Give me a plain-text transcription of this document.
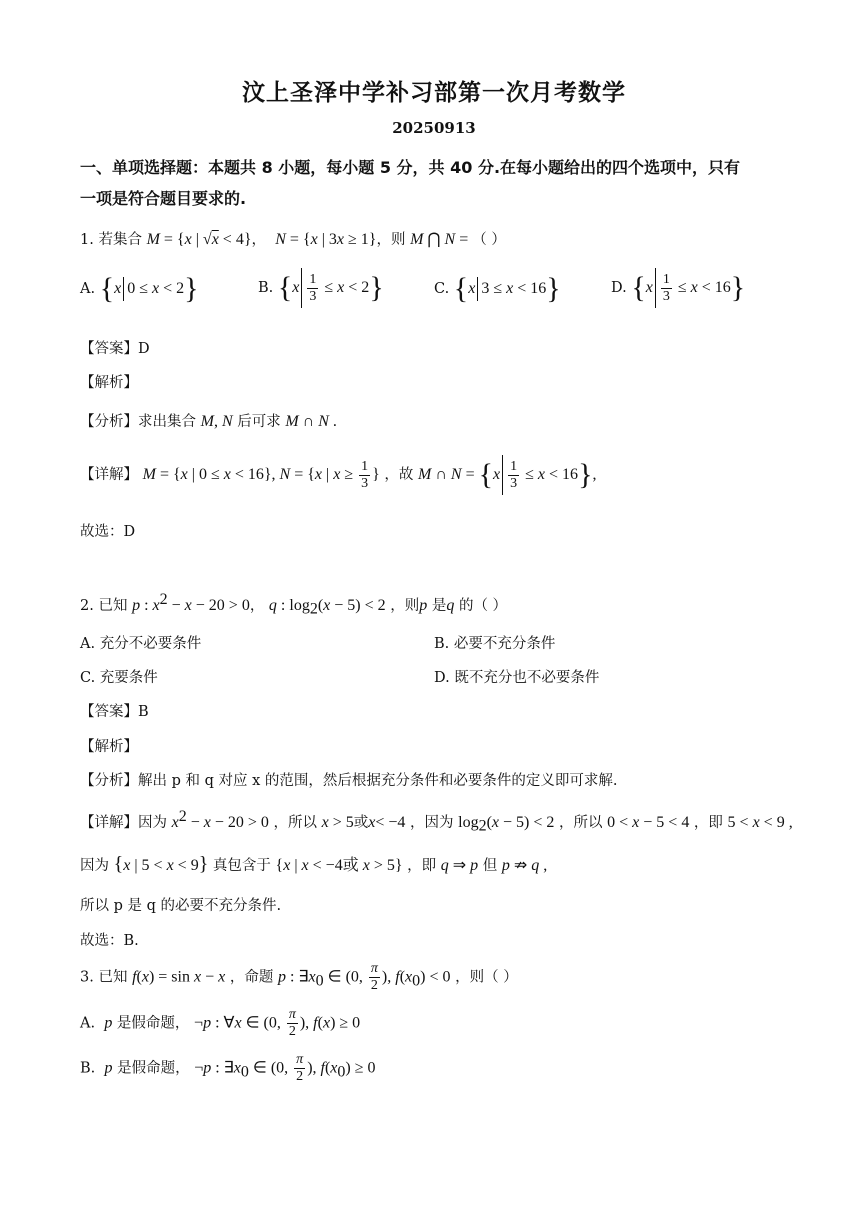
汶上圣泽中学补习部第一次月考数学
20250913
一、单项选择题：本题共 8 小题，每小题 5 分，共 40 分.在每小题给出的四个选项中，只有
一项是符合题目要求的.
1. 若集合 M = {x | √x < 4}， N = {x | 3x ≥ 1}，则 M ⋂ N = （ ）
A. {x 0 ≤ x < 2}	B. $\{x \frac{1}{3} \le x < 2\}$	C. {x 3 ≤ x < 16}	D. $\{x \frac{1}{3} \le x < 16\}$
【答案】D
【解析】
【分析】求出集合 M, N 后可求 M ∩ N .
【详解】 M = {x | 0 ≤ x < 16}, N = {x | $x \ge \frac{1}{3}$ } ，故 M ∩ $N = \{x \frac{1}{3} \le x < 16\}$,
故选：D
2. 已知 p : $x^2 - x - 20 > 0$， q : $\log_2(x - 5) < 2$ ，则p 是q 的（ ）
A. 充分不必要条件	B. 必要不充分条件
C. 充要条件	D. 既不充分也不必要条件
【答案】B
【解析】
【分析】解出 p 和 q 对应 x 的范围，然后根据充分条件和必要条件的定义即可求解.
【详解】因为 $x^2 - x - 20 > 0$ ，所以 x > 5或x< −4 ，因为 $\log_2(x - 5) < 2$ ，所以 0 < x − 5 < 4 ，即 5 < x < 9 ,
因为 {x | 5 < x < 9} 真包含于 {x | x < −4或 x > 5} ，即 q ⇒ p 但 p ⇏ q ,
所以 p 是 q 的必要不充分条件.
故选：B.
3. 已知 f(x) = sin x − x ，命题 p : $\exists x_0$ ∈ (0, $\frac{\pi}{2}$ ), $f(x_0) < 0$ ，则（ ）
A. p 是假命题， ¬p : ∀x ∈ (0, $\frac{\pi}{2}$ ), f(x) ≥ 0
B. p 是假命题， ¬p : $\exists x_0$ ∈ (0, $\frac{\pi}{2}$ ), $f(x_0) \ge 0$
